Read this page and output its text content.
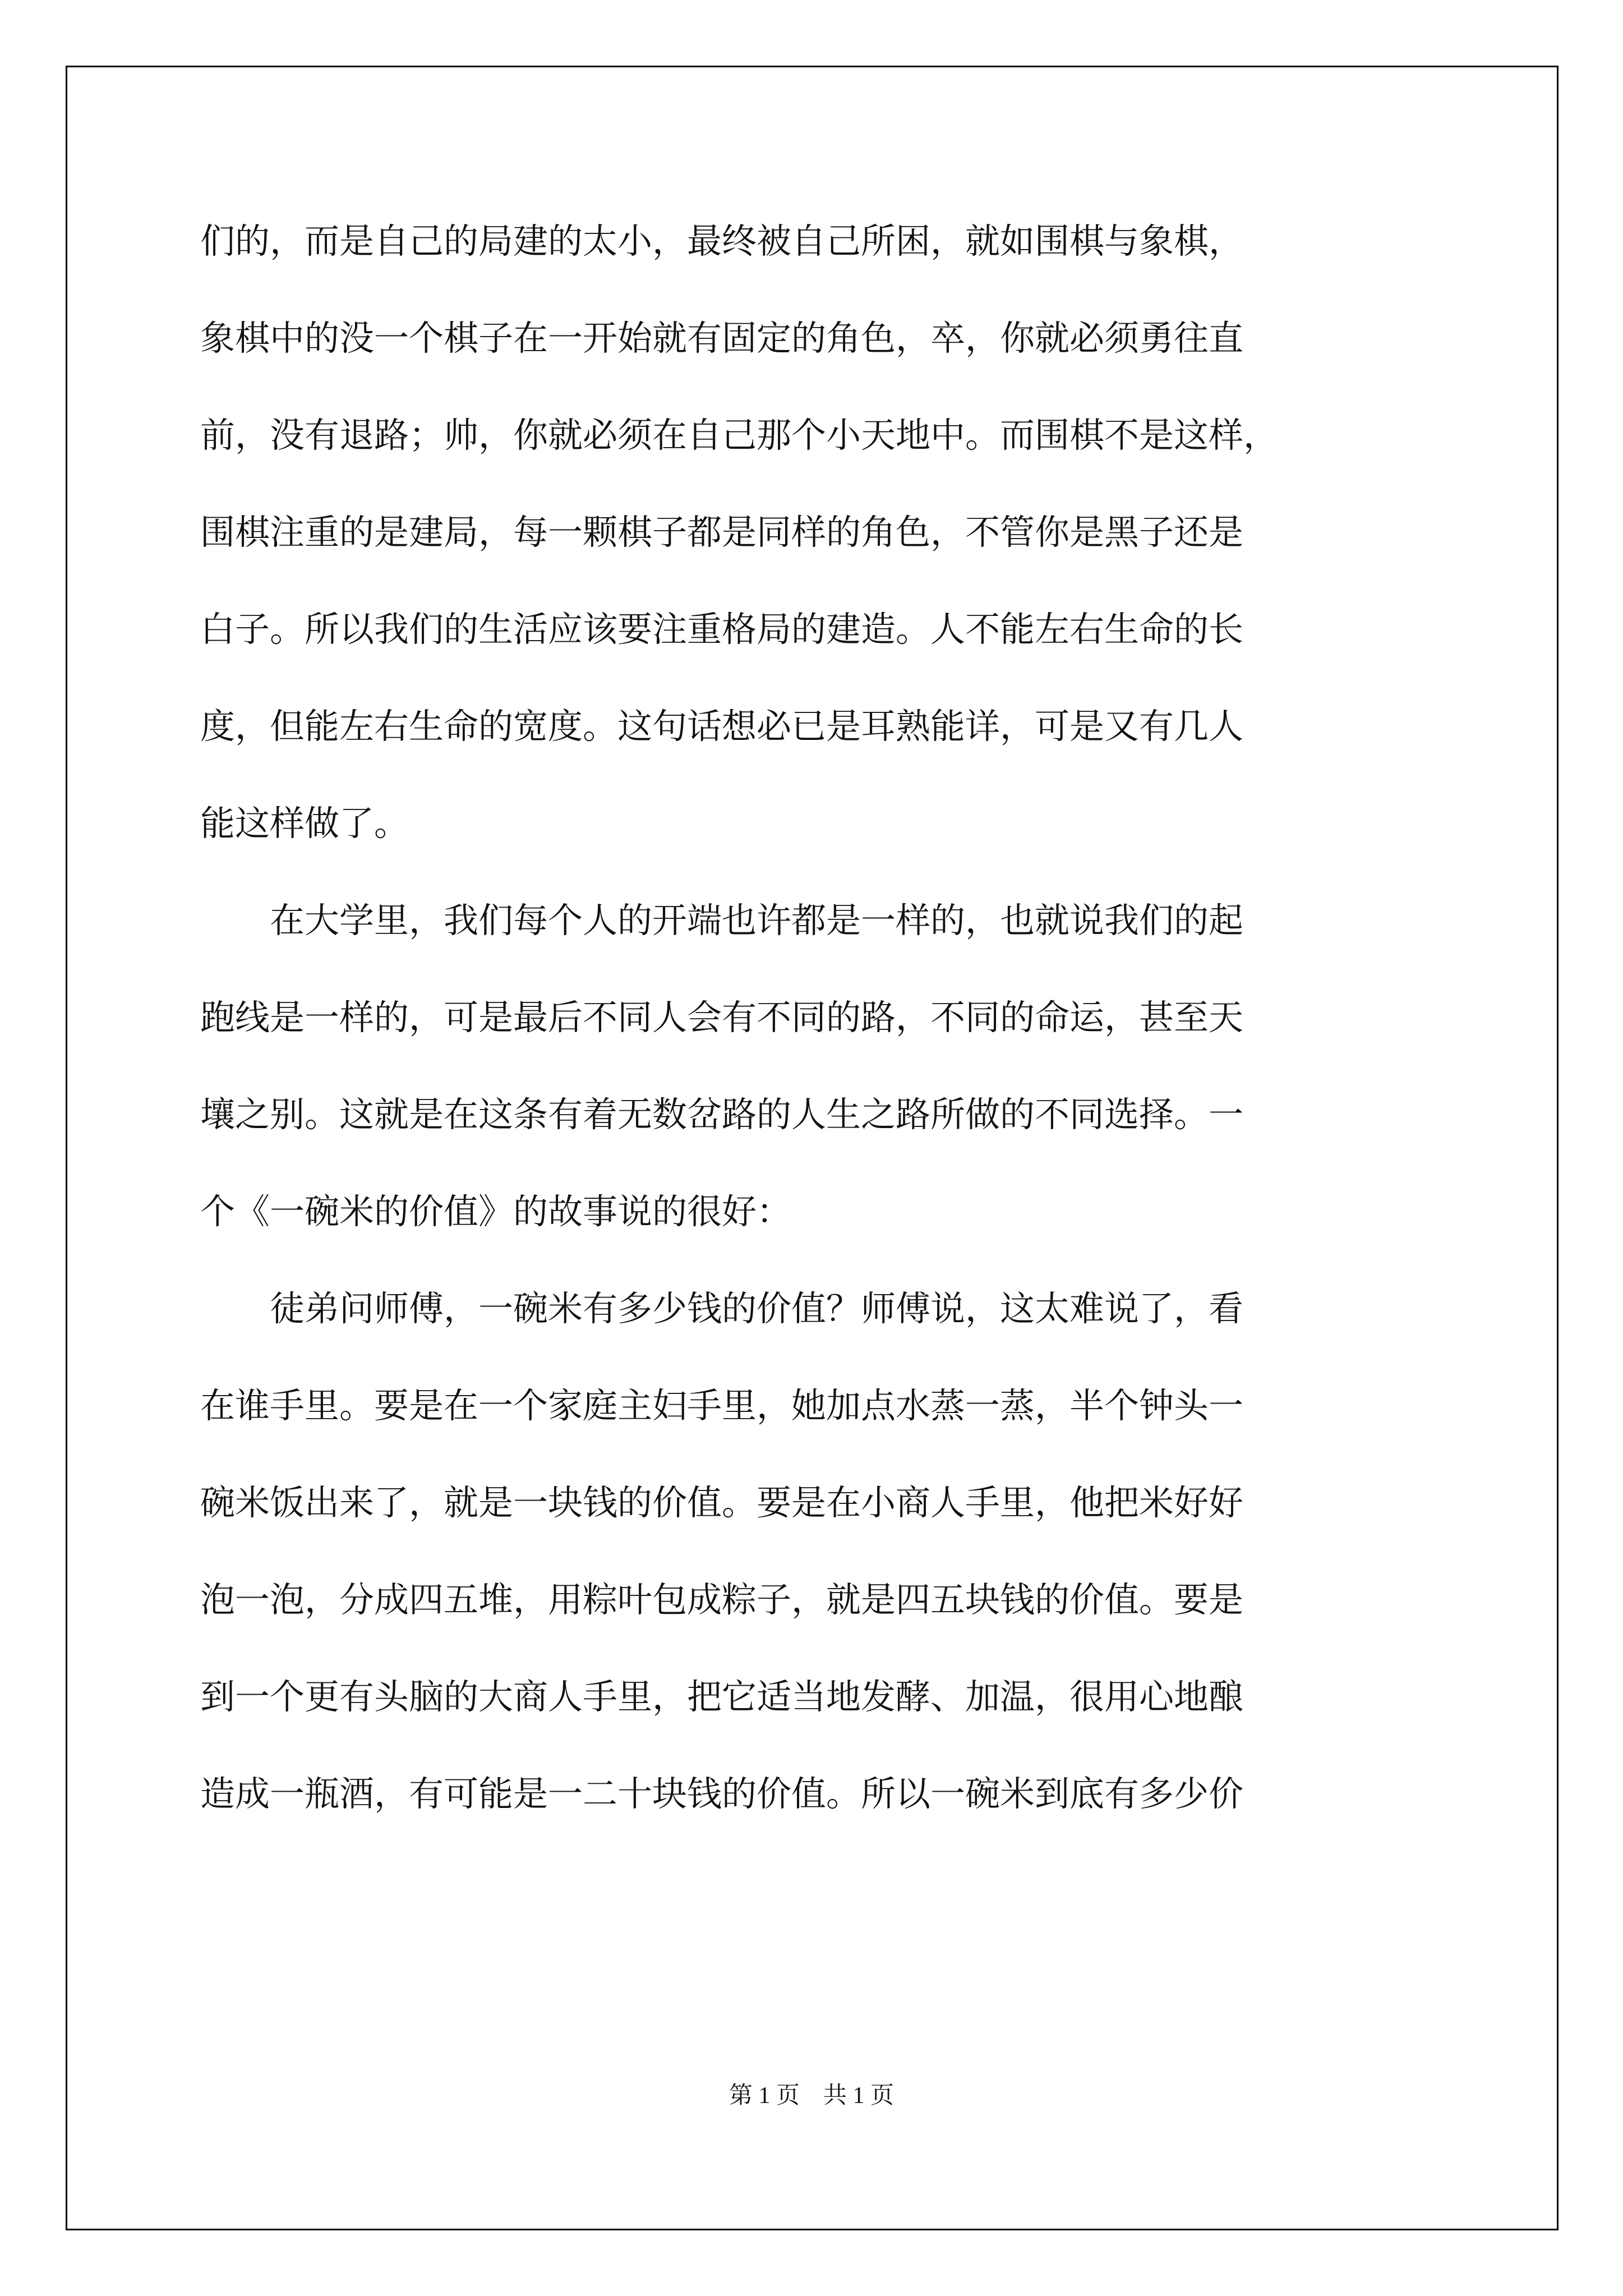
们的，而是自己的局建的太小，最终被自己所困，就如围棋与象棋，
象棋中的没一个棋子在一开始就有固定的角色，卒，你就必须勇往直
前，没有退路；帅，你就必须在自己那个小天地中。而围棋不是这样，
围棋注重的是建局，每一颗棋子都是同样的角色，不管你是黑子还是
白子。所以我们的生活应该要注重格局的建造。人不能左右生命的长
度，但能左右生命的宽度。这句话想必已是耳熟能详，可是又有几人
能这样做了。
　　在大学里，我们每个人的开端也许都是一样的，也就说我们的起
跑线是一样的，可是最后不同人会有不同的路，不同的命运，甚至天
壤之别。这就是在这条有着无数岔路的人生之路所做的不同选择。一
个《一碗米的价值》的故事说的很好：
　　徒弟问师傅，一碗米有多少钱的价值？师傅说，这太难说了，看
在谁手里。要是在一个家庭主妇手里，她加点水蒸一蒸，半个钟头一
碗米饭出来了，就是一块钱的价值。要是在小商人手里，他把米好好
泡一泡，分成四五堆，用粽叶包成粽子，就是四五块钱的价值。要是
到一个更有头脑的大商人手里，把它适当地发酵、加温，很用心地酿
造成一瓶酒，有可能是一二十块钱的价值。所以一碗米到底有多少价
第 1 页　共 1 页
